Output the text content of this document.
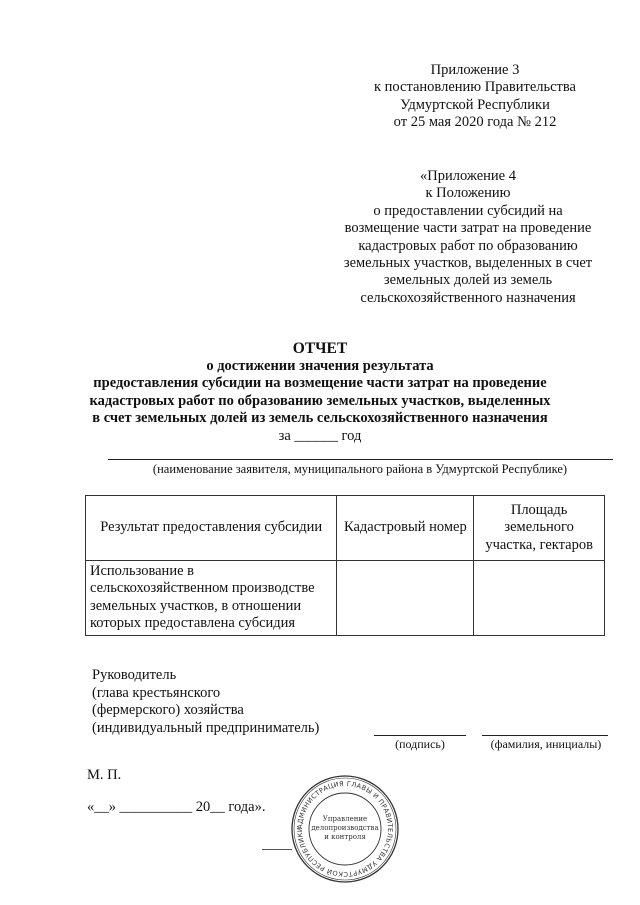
Приложение 3
к постановлению Правительства
Удмуртской Республики
от 25 мая 2020 года № 212
«Приложение 4
к Положению
о предоставлении субсидий на
возмещение части затрат на проведение
кадастровых работ по образованию
земельных участков, выделенных в счет
земельных долей из земель
сельскохозяйственного назначения
ОТЧЕТ
о достижении значения результата
предоставления субсидии на возмещение части затрат на проведение
кадастровых работ по образованию земельных участков, выделенных
в счет земельных долей из земель сельскохозяйственного назначения
за ______ год
(наименование заявителя, муниципального района в Удмуртской Республике)
Результат предоставления субсидии	Кадастровый номер	Площадь земельного участка, гектаров
Использование в сельскохозяйственном производстве земельных участков, в отношении которых предоставлена субсидия		
Руководитель
(глава крестьянского
(фермерского) хозяйства
(индивидуальный предприниматель)
(подпись)	(фамилия, инициалы)
М. П.
«__» __________ 20__ года».
АДМИНИСТРАЦИЯ ГЛАВЫ И ПРАВИТЕЛЬСТВА УДМУРТСКОЙ РЕСПУБЛИКИ
Управление
делопроизводства
и контроля
